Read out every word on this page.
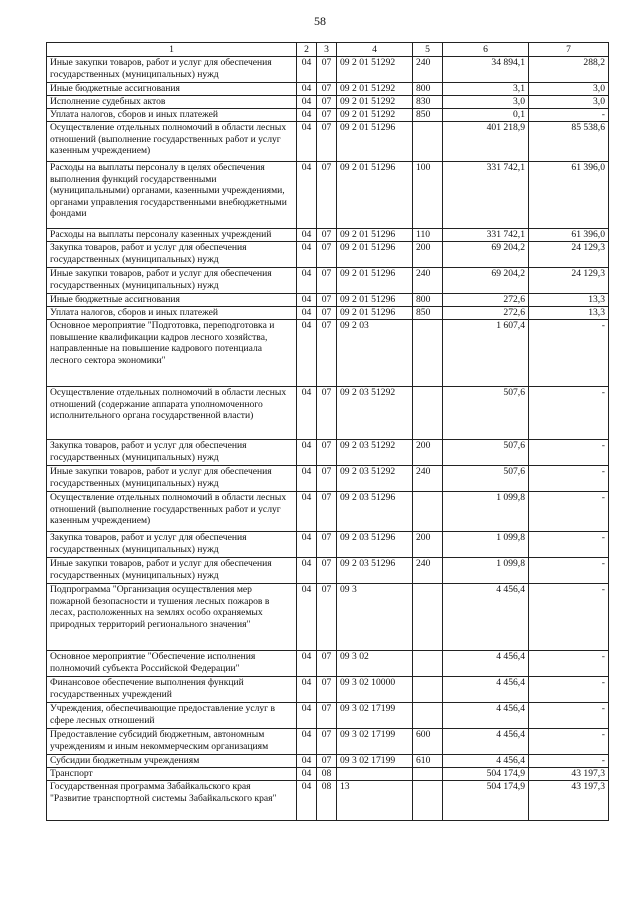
58
1	2	3	4	5	6	7
Иные закупки товаров, работ и услуг для обеспечения государственных (муниципальных) нужд	04	07	09 2 01 51292	240	34 894,1	288,2
Иные бюджетные ассигнования	04	07	09 2 01 51292	800	3,1	3,0
Исполнение судебных актов	04	07	09 2 01 51292	830	3,0	3,0
Уплата налогов, сборов и иных платежей	04	07	09 2 01 51292	850	0,1	-
Осуществление отдельных полномочий в области лесных отношений (выполнение государственных работ и услуг казенным учреждением)	04	07	09 2 01 51296		401 218,9	85 538,6
Расходы на выплаты персоналу в целях обеспечения выполнения функций государственными (муниципальными) органами, казенными учреждениями, органами управления государственными внебюджетными фондами	04	07	09 2 01 51296	100	331 742,1	61 396,0
Расходы на выплаты персоналу казенных учреждений	04	07	09 2 01 51296	110	331 742,1	61 396,0
Закупка товаров, работ и услуг для обеспечения государственных (муниципальных) нужд	04	07	09 2 01 51296	200	69 204,2	24 129,3
Иные закупки товаров, работ и услуг для обеспечения государственных (муниципальных) нужд	04	07	09 2 01 51296	240	69 204,2	24 129,3
Иные бюджетные ассигнования	04	07	09 2 01 51296	800	272,6	13,3
Уплата налогов, сборов и иных платежей	04	07	09 2 01 51296	850	272,6	13,3
Основное мероприятие "Подготовка, переподготовка и повышение квалификации кадров лесного хозяйства, направленные на повышение кадрового потенциала лесного сектора экономики"	04	07	09 2 03		1 607,4	-
Осуществление отдельных полномочий в области лесных отношений (содержание аппарата уполномоченного исполнительного органа государственной власти)	04	07	09 2 03 51292		507,6	-
Закупка товаров, работ и услуг для обеспечения государственных (муниципальных) нужд	04	07	09 2 03 51292	200	507,6	-
Иные закупки товаров, работ и услуг для обеспечения государственных (муниципальных) нужд	04	07	09 2 03 51292	240	507,6	-
Осуществление отдельных полномочий в области лесных отношений (выполнение государственных работ и услуг казенным учреждением)	04	07	09 2 03 51296		1 099,8	-
Закупка товаров, работ и услуг для обеспечения государственных (муниципальных) нужд	04	07	09 2 03 51296	200	1 099,8	-
Иные закупки товаров, работ и услуг для обеспечения государственных (муниципальных) нужд	04	07	09 2 03 51296	240	1 099,8	-
Подпрограмма "Организация осуществления мер пожарной безопасности и тушения лесных пожаров в лесах, расположенных на землях особо охраняемых природных территорий регионального значения"	04	07	09 3		4 456,4	-
Основное мероприятие "Обеспечение исполнения полномочий субъекта Российской Федерации"	04	07	09 3 02		4 456,4	-
Финансовое обеспечение выполнения функций государственных учреждений	04	07	09 3 02 10000		4 456,4	-
Учреждения, обеспечивающие предоставление услуг в сфере лесных отношений	04	07	09 3 02 17199		4 456,4	-
Предоставление субсидий бюджетным, автономным учреждениям и иным некоммерческим организациям	04	07	09 3 02 17199	600	4 456,4	-
Субсидии бюджетным учреждениям	04	07	09 3 02 17199	610	4 456,4	-
Транспорт	04	08			504 174,9	43 197,3
Государственная программа Забайкальского края "Развитие транспортной системы Забайкальского края"	04	08	13		504 174,9	43 197,3
